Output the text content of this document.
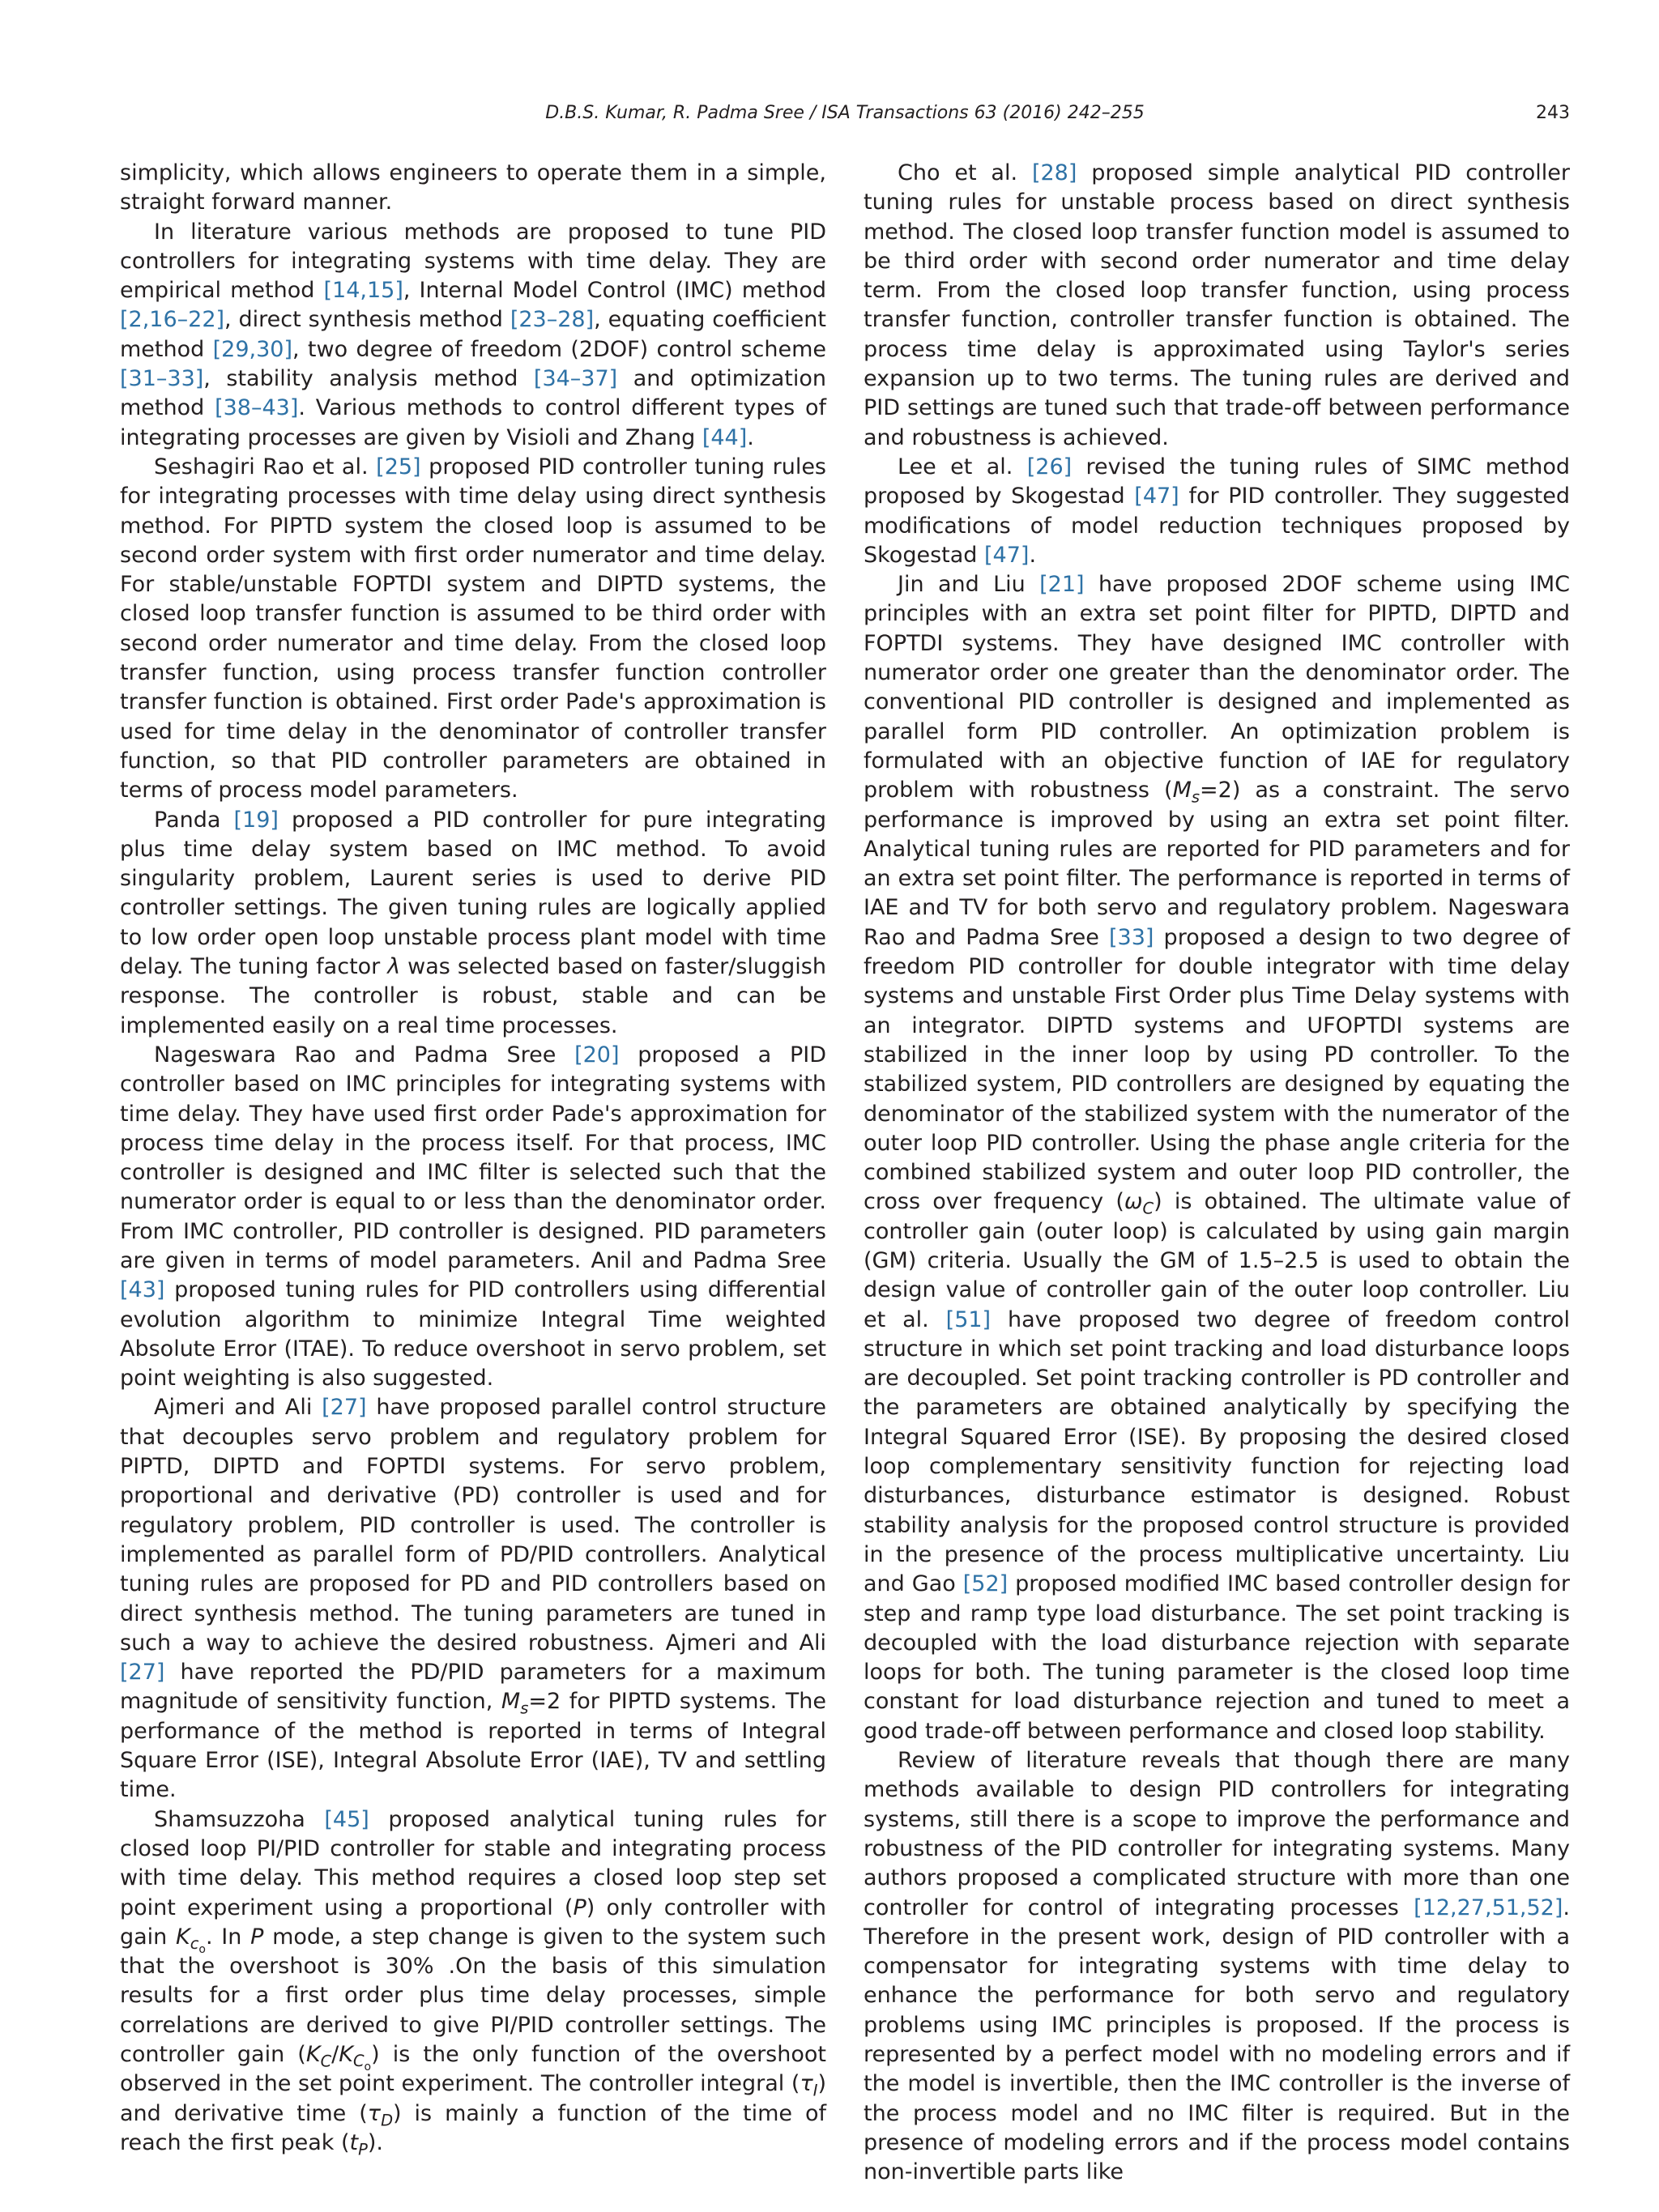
D.B.S. Kumar, R. Padma Sree / ISA Transactions 63 (2016) 242–255	243

simplicity, which allows engineers to operate them in a simple, straight forward manner.

In literature various methods are proposed to tune PID controllers for integrating systems with time delay. They are empirical method [14,15], Internal Model Control (IMC) method [2,16–22], direct synthesis method [23–28], equating coefficient method [29,30], two degree of freedom (2DOF) control scheme [31–33], stability analysis method [34–37] and optimization method [38–43]. Various methods to control different types of integrating processes are given by Visioli and Zhang [44].

Seshagiri Rao et al. [25] proposed PID controller tuning rules for integrating processes with time delay using direct synthesis method. For PIPTD system the closed loop is assumed to be second order system with first order numerator and time delay. For stable/unstable FOPTDI system and DIPTD systems, the closed loop transfer function is assumed to be third order with second order numerator and time delay. From the closed loop transfer function, using process transfer function controller transfer function is obtained. First order Pade's approximation is used for time delay in the denominator of controller transfer function, so that PID controller parameters are obtained in terms of process model parameters.

Panda [19] proposed a PID controller for pure integrating plus time delay system based on IMC method. To avoid singularity problem, Laurent series is used to derive PID controller settings. The given tuning rules are logically applied to low order open loop unstable process plant model with time delay. The tuning factor λ was selected based on faster/sluggish response. The controller is robust, stable and can be implemented easily on a real time processes.

Nageswara Rao and Padma Sree [20] proposed a PID controller based on IMC principles for integrating systems with time delay. They have used first order Pade's approximation for process time delay in the process itself. For that process, IMC controller is designed and IMC filter is selected such that the numerator order is equal to or less than the denominator order. From IMC controller, PID controller is designed. PID parameters are given in terms of model parameters. Anil and Padma Sree [43] proposed tuning rules for PID controllers using differential evolution algorithm to minimize Integral Time weighted Absolute Error (ITAE). To reduce overshoot in servo problem, set point weighting is also suggested.

Ajmeri and Ali [27] have proposed parallel control structure that decouples servo problem and regulatory problem for PIPTD, DIPTD and FOPTDI systems. For servo problem, proportional and derivative (PD) controller is used and for regulatory problem, PID controller is used. The controller is implemented as parallel form of PD/PID controllers. Analytical tuning rules are proposed for PD and PID controllers based on direct synthesis method. The tuning parameters are tuned in such a way to achieve the desired robustness. Ajmeri and Ali [27] have reported the PD/PID parameters for a maximum magnitude of sensitivity function, $M_s=2$ for PIPTD systems. The performance of the method is reported in terms of Integral Square Error (ISE), Integral Absolute Error (IAE), TV and settling time.

Shamsuzzoha [45] proposed analytical tuning rules for closed loop PI/PID controller for stable and integrating process with time delay. This method requires a closed loop step set point experiment using a proportional (P) only controller with gain $K_{c_o}$. In P mode, a step change is given to the system such that the overshoot is 30% .On the basis of this simulation results for a first order plus time delay processes, simple correlations are derived to give PI/PID controller settings. The controller gain $(K_C/K_{C_o})$ is the only function of the overshoot observed in the set point experiment. The controller integral $(\tau_I)$ and derivative time $(\tau_D)$ is mainly a function of the time of reach the first peak $(t_P)$.

Cho et al. [28] proposed simple analytical PID controller tuning rules for unstable process based on direct synthesis method. The closed loop transfer function model is assumed to be third order with second order numerator and time delay term. From the closed loop transfer function, using process transfer function, controller transfer function is obtained. The process time delay is approximated using Taylor's series expansion up to two terms. The tuning rules are derived and PID settings are tuned such that trade-off between performance and robustness is achieved.

Lee et al. [26] revised the tuning rules of SIMC method proposed by Skogestad [47] for PID controller. They suggested modifications of model reduction techniques proposed by Skogestad [47].

Jin and Liu [21] have proposed 2DOF scheme using IMC principles with an extra set point filter for PIPTD, DIPTD and FOPTDI systems. They have designed IMC controller with numerator order one greater than the denominator order. The conventional PID controller is designed and implemented as parallel form PID controller. An optimization problem is formulated with an objective function of IAE for regulatory problem with robustness $(M_s=2)$ as a constraint. The servo performance is improved by using an extra set point filter. Analytical tuning rules are reported for PID parameters and for an extra set point filter. The performance is reported in terms of IAE and TV for both servo and regulatory problem. Nageswara Rao and Padma Sree [33] proposed a design to two degree of freedom PID controller for double integrator with time delay systems and unstable First Order plus Time Delay systems with an integrator. DIPTD systems and UFOPTDI systems are stabilized in the inner loop by using PD controller. To the stabilized system, PID controllers are designed by equating the denominator of the stabilized system with the numerator of the outer loop PID controller. Using the phase angle criteria for the combined stabilized system and outer loop PID controller, the cross over frequency $(\omega_C)$ is obtained. The ultimate value of controller gain (outer loop) is calculated by using gain margin (GM) criteria. Usually the GM of 1.5–2.5 is used to obtain the design value of controller gain of the outer loop controller. Liu et al. [51] have proposed two degree of freedom control structure in which set point tracking and load disturbance loops are decoupled. Set point tracking controller is PD controller and the parameters are obtained analytically by specifying the Integral Squared Error (ISE). By proposing the desired closed loop complementary sensitivity function for rejecting load disturbances, disturbance estimator is designed. Robust stability analysis for the proposed control structure is provided in the presence of the process multiplicative uncertainty. Liu and Gao [52] proposed modified IMC based controller design for step and ramp type load disturbance. The set point tracking is decoupled with the load disturbance rejection with separate loops for both. The tuning parameter is the closed loop time constant for load disturbance rejection and tuned to meet a good trade-off between performance and closed loop stability.

Review of literature reveals that though there are many methods available to design PID controllers for integrating systems, still there is a scope to improve the performance and robustness of the PID controller for integrating systems. Many authors proposed a complicated structure with more than one controller for control of integrating processes [12,27,51,52]. Therefore in the present work, design of PID controller with a compensator for integrating systems with time delay to enhance the performance for both servo and regulatory problems using IMC principles is proposed. If the process is represented by a perfect model with no modeling errors and if the model is invertible, then the IMC controller is the inverse of the process model and no IMC filter is required. But in the presence of modeling errors and if the process model contains non-invertible parts like
